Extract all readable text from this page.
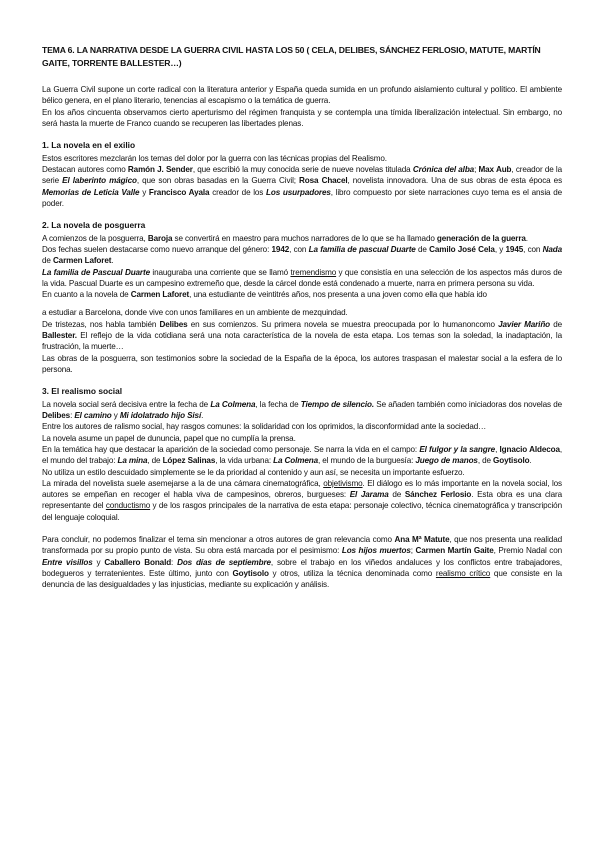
TEMA 6. LA NARRATIVA DESDE LA GUERRA CIVIL HASTA LOS 50 ( CELA, DELIBES, SÁNCHEZ FERLOSIO, MATUTE, MARTÍN GAITE, TORRENTE BALLESTER…)

La Guerra Civil supone un corte radical con la literatura anterior y España queda sumida en un profundo aislamiento cultural y político. El ambiente bélico genera, en el plano literario, tenencias al escapismo o la temática de guerra.

En los años cincuenta observamos cierto aperturismo del régimen franquista y se contempla una tímida liberalización intelectual. Sin embargo, no será hasta la muerte de Franco cuando se recuperen las libertades plenas.

1. La novela en el exilio

Estos escritores mezclarán los temas del dolor por la guerra con las técnicas propias del Realismo.

Destacan autores como Ramón J. Sender, que escribió la muy conocida serie de nueve novelas titulada Crónica del alba; Max Aub, creador de la serie El laberinto mágico, que son obras basadas en la Guerra Civil; Rosa Chacel, novelista innovadora. Una de sus obras de esta época es Memorias de Leticia Valle y Francisco Ayala creador de los Los usurpadores, libro compuesto por siete narraciones cuyo tema es el ansia de poder.

2. La novela de posguerra

A comienzos de la posguerra, Baroja se convertirá en maestro para muchos narradores de lo que se ha llamado generación de la guerra.

Dos fechas suelen destacarse como nuevo arranque del género: 1942, con La familia de pascual Duarte de Camilo José Cela, y 1945, con Nada de Carmen Laforet.

La familia de Pascual Duarte inauguraba una corriente que se llamó tremendismo y que consistía en una selección de los aspectos más duros de la vida. Pascual Duarte es un campesino extremeño que, desde la cárcel donde está condenado a muerte, narra en primera persona su vida.

En cuanto a la novela de Carmen Laforet, una estudiante de veintitrés años, nos presenta a una joven como ella que había ido

a estudiar a Barcelona, donde vive con unos familiares en un ambiente de mezquindad.

De tristezas, nos habla también Delibes en sus comienzos. Su primera novela se muestra preocupada por lo humanoncomo Javier Mariño de Ballester. El reflejo de la vida cotidiana será una nota característica de la novela de esta etapa. Los temas son la soledad, la inadaptación, la frustración, la muerte…

Las obras de la posguerra, son testimonios sobre la sociedad de la España de la época, los autores traspasan el malestar social a la esfera de lo persona.

3. El realismo social

La novela social será decisiva entre la fecha de La Colmena, la fecha de Tiempo de silencio. Se añaden también como iniciadoras dos novelas de Delibes: El camino y Mi idolatrado hijo Sisí.

Entre los autores de ralismo social, hay rasgos comunes: la solidaridad con los oprimidos, la disconformidad ante la sociedad…

La novela asume un papel de dununcia, papel que no cumplía la prensa.

En la temática hay que destacar la aparición de la sociedad como personaje. Se narra la vida en el campo: El fulgor y la sangre, Ignacio Aldecoa, el mundo del trabajo: La mina, de López Salinas, la vida urbana: La Colmena, el mundo de la burguesía: Juego de manos, de Goytisolo.

No utiliza un estilo descuidado simplemente se le da prioridad al contenido y aun así, se necesita un importante esfuerzo.

La mirada del novelista suele asemejarse a la de una cámara cinematográfica, objetivismo. El diálogo es lo más importante en la novela social, los autores se empeñan en recoger el habla viva de campesinos, obreros, burgueses: El Jarama de Sánchez Ferlosio. Esta obra es una clara representante del conductismo y de los rasgos principales de la narrativa de esta etapa: personaje colectivo, técnica cinematográfica y transcripción del lenguaje coloquial.

Para concluir, no podemos finalizar el tema sin mencionar a otros autores de gran relevancia como Ana Mª Matute, que nos presenta una realidad transformada por su propio punto de vista. Su obra está marcada por el pesimismo: Los hijos muertos; Carmen Martín Gaite, Premio Nadal con Entre visillos y Caballero Bonald: Dos días de septiembre, sobre el trabajo en los viñedos andaluces y los conflictos entre trabajadores, bodegueros y terratenientes. Este último, junto con Goytisolo y otros, utiliza la técnica denominada como realismo crítico que consiste en la denuncia de las desigualdades y las injusticias, mediante su explicación y análisis.
